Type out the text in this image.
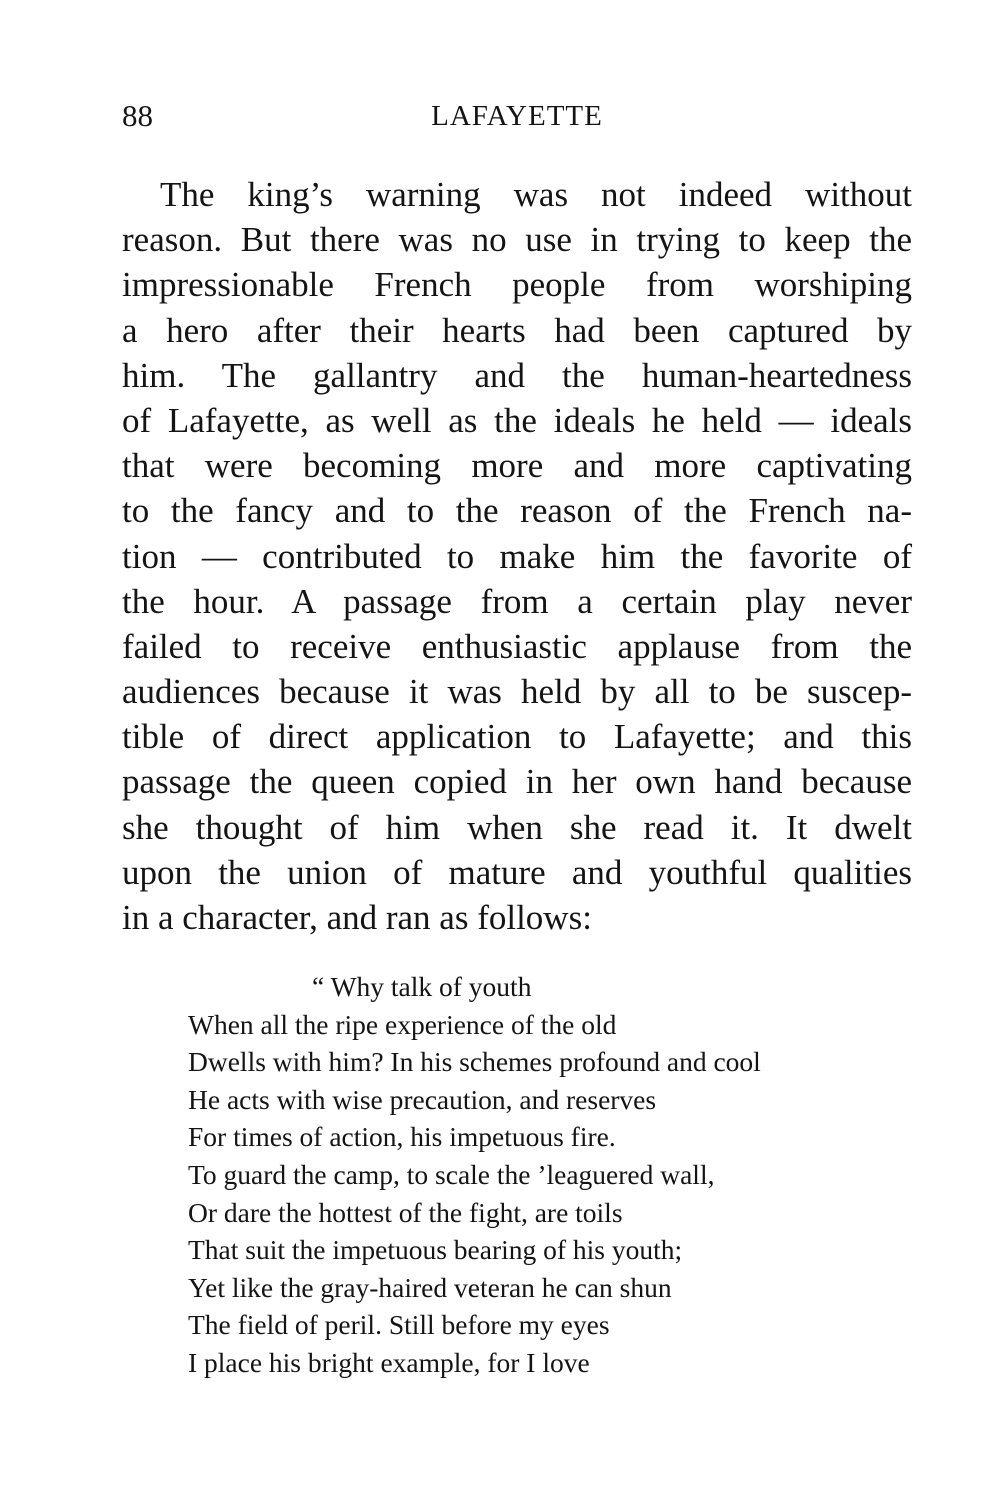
88	LAFAYETTE
The king’s warning was not indeed without
reason. But there was no use in trying to keep the
impressionable French people from worshiping
a hero after their hearts had been captured by
him. The gallantry and the human-heartedness
of Lafayette, as well as the ideals he held — ideals
that were becoming more and more captivating
to the fancy and to the reason of the French na-
tion — contributed to make him the favorite of
the hour. A passage from a certain play never
failed to receive enthusiastic applause from the
audiences because it was held by all to be suscep-
tible of direct application to Lafayette; and this
passage the queen copied in her own hand because
she thought of him when she read it. It dwelt
upon the union of mature and youthful qualities
in a character, and ran as follows:
“ Why talk of youth
When all the ripe experience of the old
Dwells with him? In his schemes profound and cool
He acts with wise precaution, and reserves
For times of action, his impetuous fire.
To guard the camp, to scale the ’leaguered wall,
Or dare the hottest of the fight, are toils
That suit the impetuous bearing of his youth;
Yet like the gray-haired veteran he can shun
The field of peril. Still before my eyes
I place his bright example, for I love
